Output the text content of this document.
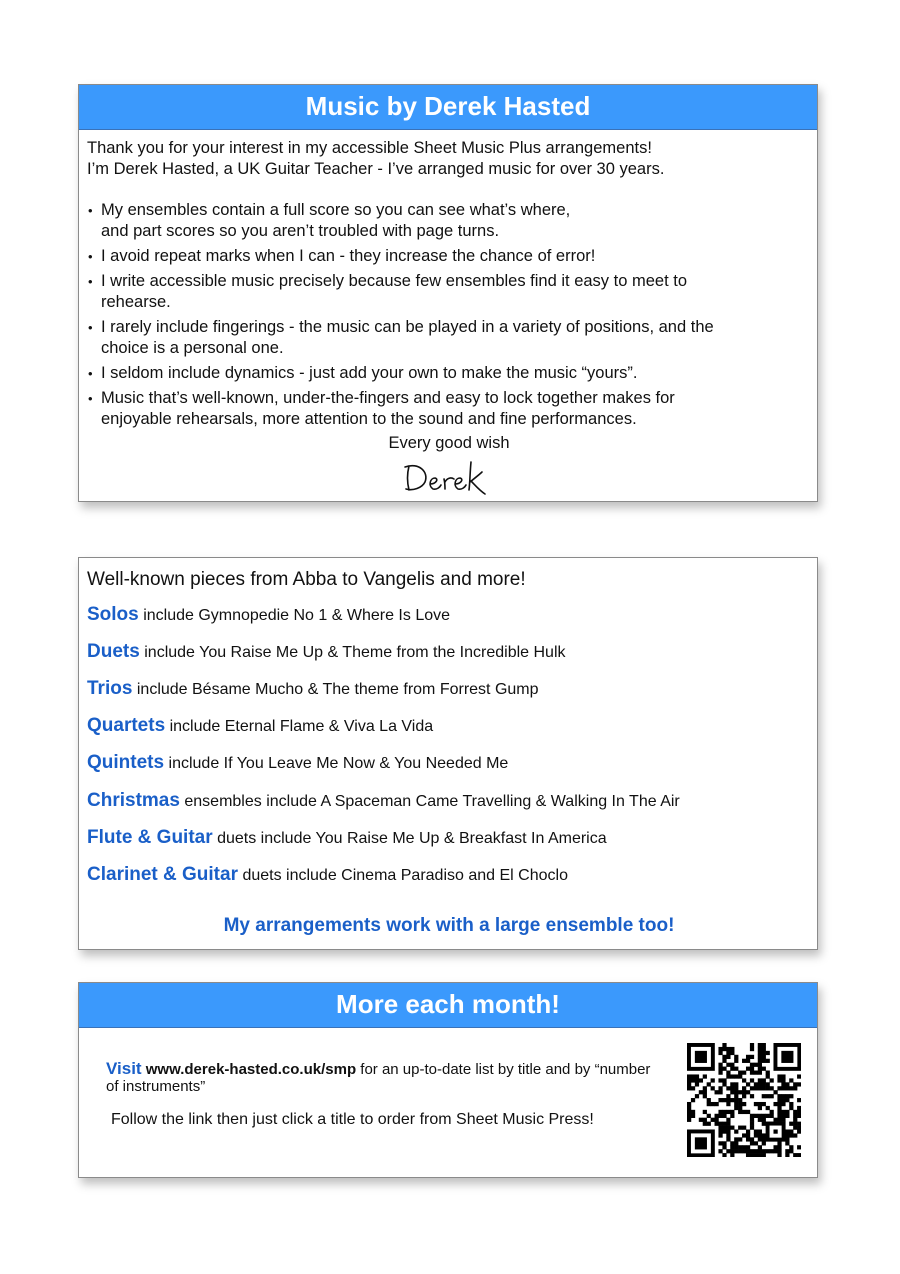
Music by Derek Hasted
Thank you for your interest in my accessible Sheet Music Plus arrangements!
I’m Derek Hasted, a UK Guitar Teacher - I’ve arranged music for over 30 years.
• My ensembles contain a full score so you can see what’s where,
and part scores so you aren’t troubled with page turns.
• I avoid repeat marks when I can - they increase the chance of error!
• I write accessible music precisely because few ensembles find it easy to meet to
rehearse.
• I rarely include fingerings - the music can be played in a variety of positions, and the
choice is a personal one.
• I seldom include dynamics - just add your own to make the music “yours”.
• Music that’s well-known, under-the-fingers and easy to lock together makes for
enjoyable rehearsals, more attention to the sound and fine performances.
Every good wish
Well-known pieces from Abba to Vangelis and more!
Solos include Gymnopedie No 1 & Where Is Love
Duets include You Raise Me Up & Theme from the Incredible Hulk
Trios include Bésame Mucho & The theme from Forrest Gump
Quartets include Eternal Flame & Viva La Vida
Quintets include If You Leave Me Now & You Needed Me
Christmas ensembles include A Spaceman Came Travelling & Walking In The Air
Flute & Guitar duets include You Raise Me Up & Breakfast In America
Clarinet & Guitar duets include Cinema Paradiso and El Choclo
My arrangements work with a large ensemble too!
More each month!
Visit www.derek-hasted.co.uk/smp for an up-to-date list by title and by “number of instruments”
Follow the link then just click a title to order from Sheet Music Press!
